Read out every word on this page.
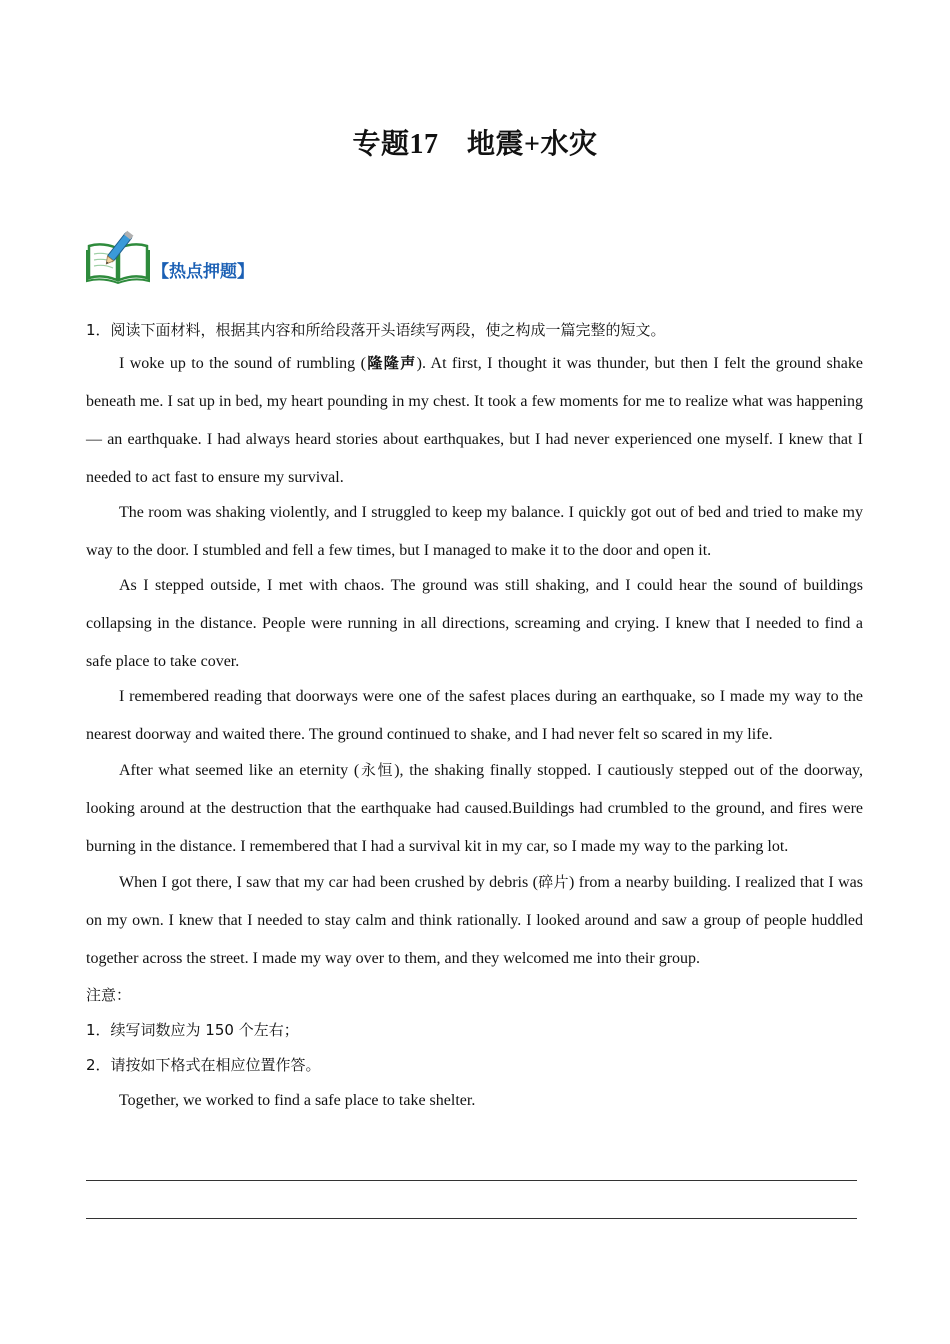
专题17　地震+水灾
【热点押题】

1．阅读下面材料，根据其内容和所给段落开头语续写两段，使之构成一篇完整的短文。

I woke up to the sound of rumbling (隆隆声). At first, I thought it was thunder, but then I felt the ground shake beneath me. I sat up in bed, my heart pounding in my chest. It took a few moments for me to realize what was happening — an earthquake. I had always heard stories about earthquakes, but I had never experienced one myself. I knew that I needed to act fast to ensure my survival.

The room was shaking violently, and I struggled to keep my balance. I quickly got out of bed and tried to make my way to the door. I stumbled and fell a few times, but I managed to make it to the door and open it.

As I stepped outside, I met with chaos. The ground was still shaking, and I could hear the sound of buildings collapsing in the distance. People were running in all directions, screaming and crying. I knew that I needed to find a safe place to take cover.

I remembered reading that doorways were one of the safest places during an earthquake, so I made my way to the nearest doorway and waited there. The ground continued to shake, and I had never felt so scared in my life.

After what seemed like an eternity (永恒), the shaking finally stopped. I cautiously stepped out of the doorway, looking around at the destruction that the earthquake had caused.Buildings had crumbled to the ground, and fires were burning in the distance. I remembered that I had a survival kit in my car, so I made my way to the parking lot.

When I got there, I saw that my car had been crushed by debris (碎片) from a nearby building. I realized that I was on my own. I knew that I needed to stay calm and think rationally. I looked around and saw a group of people huddled together across the street. I made my way over to them, and they welcomed me into their group.

注意：

1．续写词数应为 150 个左右；

2．请按如下格式在相应位置作答。

Together, we worked to find a safe place to take shelter.
